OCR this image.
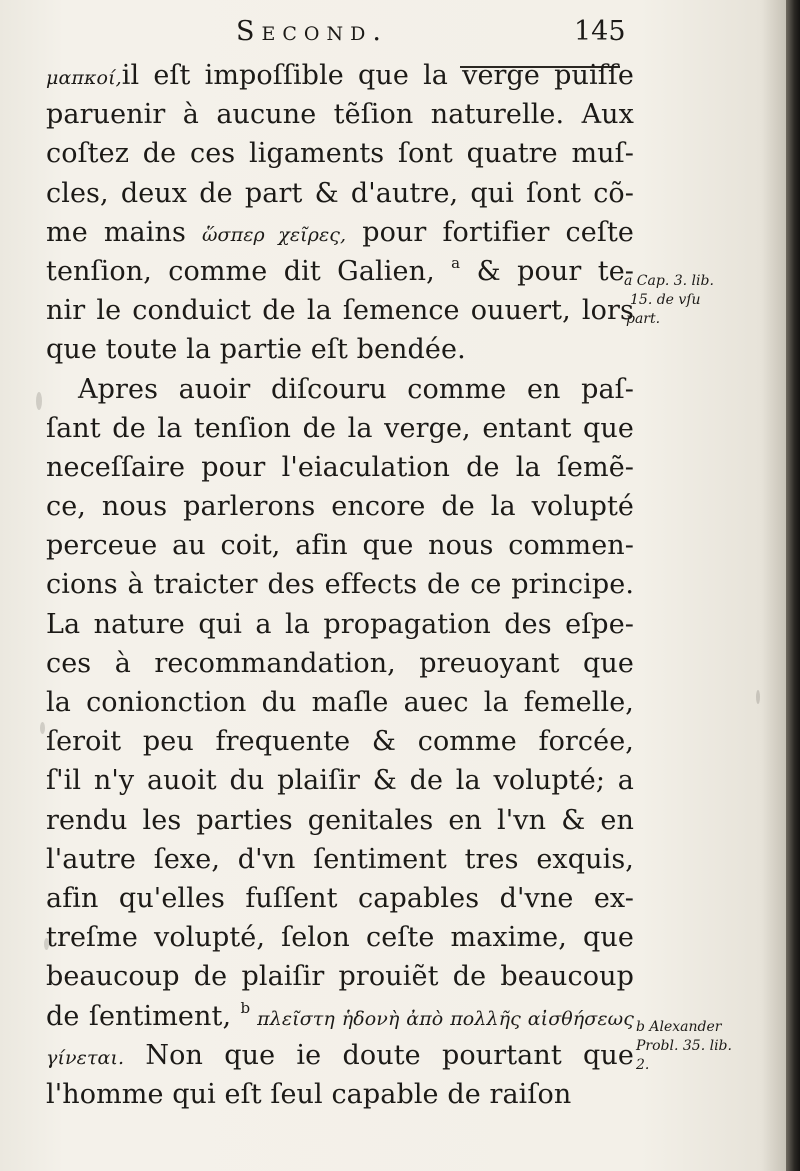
Second.	145
μαπκοί,il eſt impoſſible que la verge puiſſe
paruenir à aucune tẽſion naturelle. Aux
coſtez de ces ligaments ſont quatre muſ-
cles, deux de part & d'autre, qui ſont cõ-
me mains ὥσπερ χεῖρες, pour fortifier ceſte
tenſion, comme dit Galien, $^a$ & pour te-
nir le conduict de la ſemence ouuert, lors
que toute la partie eſt bendée.
Apres auoir diſcouru comme en paſ-
ſant de la tenſion de la verge, entant que
neceſſaire pour l'eiaculation de la ſemẽ-
ce, nous parlerons encore de la volupté
perceue au coit, afin que nous commen-
cions à traicter des effects de ce principe.
La nature qui a la propagation des eſpe-
ces à recommandation, preuoyant que
la conionction du maſle auec la femelle,
ſeroit peu frequente & comme forcée,
ſ'il n'y auoit du plaiſir & de la volupté; a
rendu les parties genitales en l'vn & en
l'autre ſexe, d'vn ſentiment tres exquis,
afin qu'elles fuſſent capables d'vne ex-
treſme volupté, ſelon ceſte maxime, que
beaucoup de plaiſir prouiẽt de beaucoup
de ſentiment, $^b$ πλεῖστη ἡδονὴ ἀπὸ πολλῆς αἰσθήσεως
γίνεται. Non que ie doute pourtant que
l'homme qui eſt ſeul capable de raiſon
a Cap. 3. lib.
15. de vſu
part.
b Alexander
Probl. 35. lib.
2.
